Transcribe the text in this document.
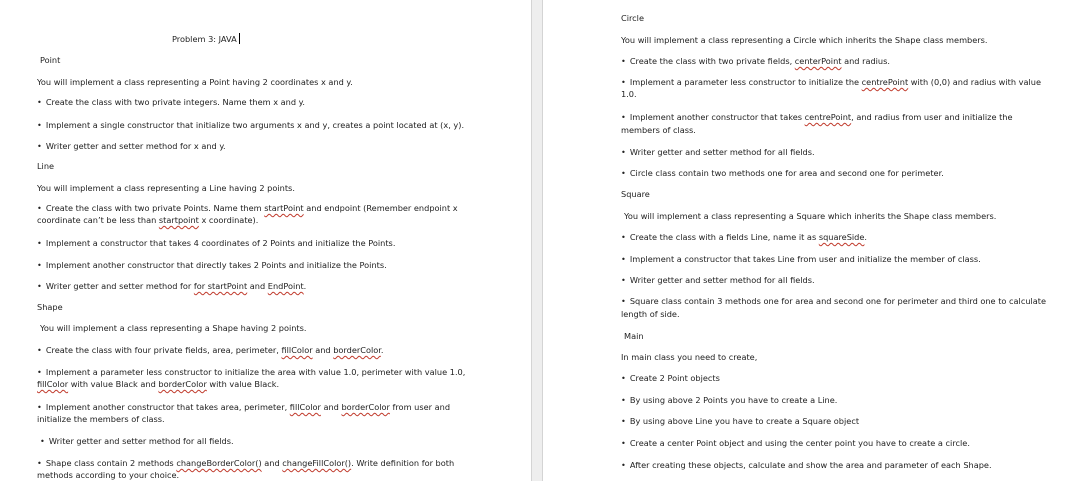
Problem 3: JAVA
Point
You will implement a class representing a Point having 2 coordinates x and y.
• Create the class with two private integers. Name them x and y.
• Implement a single constructor that initialize two arguments x and y, creates a point located at (x, y).
• Writer getter and setter method for x and y.
Line
You will implement a class representing a Line having 2 points.
• Create the class with two private Points. Name them startPoint and endpoint (Remember endpoint x
coordinate can’t be less than startpoint x coordinate).
• Implement a constructor that takes 4 coordinates of 2 Points and initialize the Points.
• Implement another constructor that directly takes 2 Points and initialize the Points.
• Writer getter and setter method for for startPoint and EndPoint.
Shape
You will implement a class representing a Shape having 2 points.
• Create the class with four private fields, area, perimeter, fillColor and borderColor.
• Implement a parameter less constructor to initialize the area with value 1.0, perimeter with value 1.0,
fillColor with value Black and borderColor with value Black.
• Implement another constructor that takes area, perimeter, fillColor and borderColor from user and
initialize the members of class.
• Writer getter and setter method for all fields.
• Shape class contain 2 methods changeBorderColor() and changeFillColor(). Write definition for both
methods according to your choice.
Circle
You will implement a class representing a Circle which inherits the Shape class members.
• Create the class with two private fields, centerPoint and radius.
• Implement a parameter less constructor to initialize the centrePoint with (0,0) and radius with value
1.0.
• Implement another constructor that takes centrePoint, and radius from user and initialize the
members of class.
• Writer getter and setter method for all fields.
• Circle class contain two methods one for area and second one for perimeter.
Square
You will implement a class representing a Square which inherits the Shape class members.
• Create the class with a fields Line, name it as squareSide.
• Implement a constructor that takes Line from user and initialize the member of class.
• Writer getter and setter method for all fields.
• Square class contain 3 methods one for area and second one for perimeter and third one to calculate
length of side.
Main
In main class you need to create,
• Create 2 Point objects
• By using above 2 Points you have to create a Line.
• By using above Line you have to create a Square object
• Create a center Point object and using the center point you have to create a circle.
• After creating these objects, calculate and show the area and parameter of each Shape.
